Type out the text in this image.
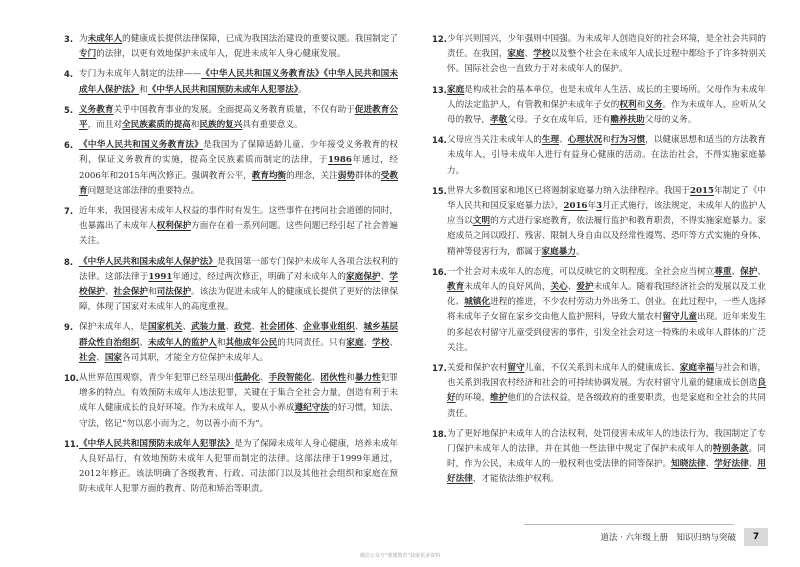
3. 为未成年人的健康成长提供法律保障，已成为我国法治建设的重要议题。我国制定了专门的法律，以更有效地保护未成年人，促进未成年人身心健康发展。
4. 专门为未成年人制定的法律——《中华人民共和国义务教育法》《中华人民共和国未成年人保护法》和《中华人民共和国预防未成年人犯罪法》。
5. 义务教育关乎中国教育事业的发展。全面提高义务教育质量，不仅有助于促进教育公平，而且对全民族素质的提高和民族的复兴具有重要意义。
6. 《中华人民共和国义务教育法》是我国为了保障适龄儿童、少年接受义务教育的权利，保证义务教育的实施，提高全民族素质而制定的法律，于1986年通过，经2006年和2015年两次修正。强调教育公平，教育均衡的理念，关注弱势群体的受教育问题是这部法律的重要特点。
7. 近年来，我国侵害未成年人权益的事件时有发生。这些事件在拷问社会道德的同时，也暴露出了未成年人权利保护方面存在着一系列问题。这些问题已经引起了社会普遍关注。
8. 《中华人民共和国未成年人保护法》是我国第一部专门保护未成年人各项合法权利的法律。这部法律于1991年通过，经过两次修正，明确了对未成年人的家庭保护、学校保护、社会保护和司法保护。该法为促进未成年人的健康成长提供了更好的法律保障，体现了国家对未成年人的高度重视。
9. 保护未成年人，是国家机关、武装力量、政党、社会团体、企业事业组织、城乡基层群众性自治组织、未成年人的监护人和其他成年公民的共同责任。只有家庭、学校、社会、国家各司其职，才能全方位保护未成年人。
10. 从世界范围观察，青少年犯罪已经呈现出低龄化、手段智能化、团伙性和暴力性犯罪增多的特点。有效预防未成年人违法犯罪，关键在于集合全社会力量，创造有利于未成年人健康成长的良好环境。作为未成年人，要从小养成遵纪守法的好习惯，知法、守法，铭记“勿以恶小而为之，勿以善小而不为”。
11. 《中华人民共和国预防未成年人犯罪法》是为了保障未成年人身心健康，培养未成年人良好品行，有效地预防未成年人犯罪而制定的法律。这部法律于1999年通过，2012年修正。该法明确了各级教育、行政、司法部门以及其他社会组织和家庭在预防未成年人犯罪方面的教育、防范和矫治等职责。
12. 少年兴则国兴，少年强则中国强。为未成年人创造良好的社会环境，是全社会共同的责任。在我国，家庭、学校以及整个社会在未成年人成长过程中都给予了许多特别关怀。国际社会也一直致力于对未成年人的保护。
13. 家庭是构成社会的基本单位，也是未成年人生活、成长的主要场所。父母作为未成年人的法定监护人，有管教和保护未成年子女的权利和义务。作为未成年人，应听从父母的教导，孝敬父母。子女在成年后，还有赡养扶助父母的义务。
14. 父母应当关注未成年人的生理、心理状况和行为习惯，以健康思想和适当的方法教育未成年人，引导未成年人进行有益身心健康的活动。在法治社会，不得实施家庭暴力。
15. 世界大多数国家和地区已将遏制家庭暴力纳入法律程序。我国于2015年制定了《中华人民共和国反家庭暴力法》，2016年3月正式施行，该法规定，未成年人的监护人应当以文明的方式进行家庭教育，依法履行监护和教育职责，不得实施家庭暴力。家庭成员之间以殴打、残害、限制人身自由以及经常性谩骂、恐吓等方式实施的身体、精神等侵害行为，都属于家庭暴力。
16. 一个社会对未成年人的态度，可以反映它的文明程度。全社会应当树立尊重、保护、教育未成年人的良好风尚，关心、爱护未成年人。随着我国经济社会的发展以及工业化、城镇化进程的推进，不少农村劳动力外出务工、创业。在此过程中，一些人选择将未成年子女留在家乡交由他人监护照料，导致大量农村留守儿童出现。近年来发生的多起农村留守儿童受到侵害的事件，引发全社会对这一特殊的未成年人群体的广泛关注。
17. 关爱和保护农村留守儿童，不仅关系到未成年人的健康成长、家庭幸福与社会和谐，也关系到我国农村经济和社会的可持续协调发展。为农村留守儿童的健康成长创造良好的环境，维护他们的合法权益，是各级政府的重要职责，也是家庭和全社会的共同责任。
18. 为了更好地保护未成年人的合法权利，处罚侵害未成年人的违法行为，我国制定了专门保护未成年人的法律，并在其他一些法律中规定了保护未成年人的特别条款。同时，作为公民，未成年人的一般权利也受法律的同等保护。知晓法律、学好法律、用好法律，才能依法维护权利。
道法 · 六年级上册　知识归纳与突破	7
微信公众号“理想教育”获取更多资料
